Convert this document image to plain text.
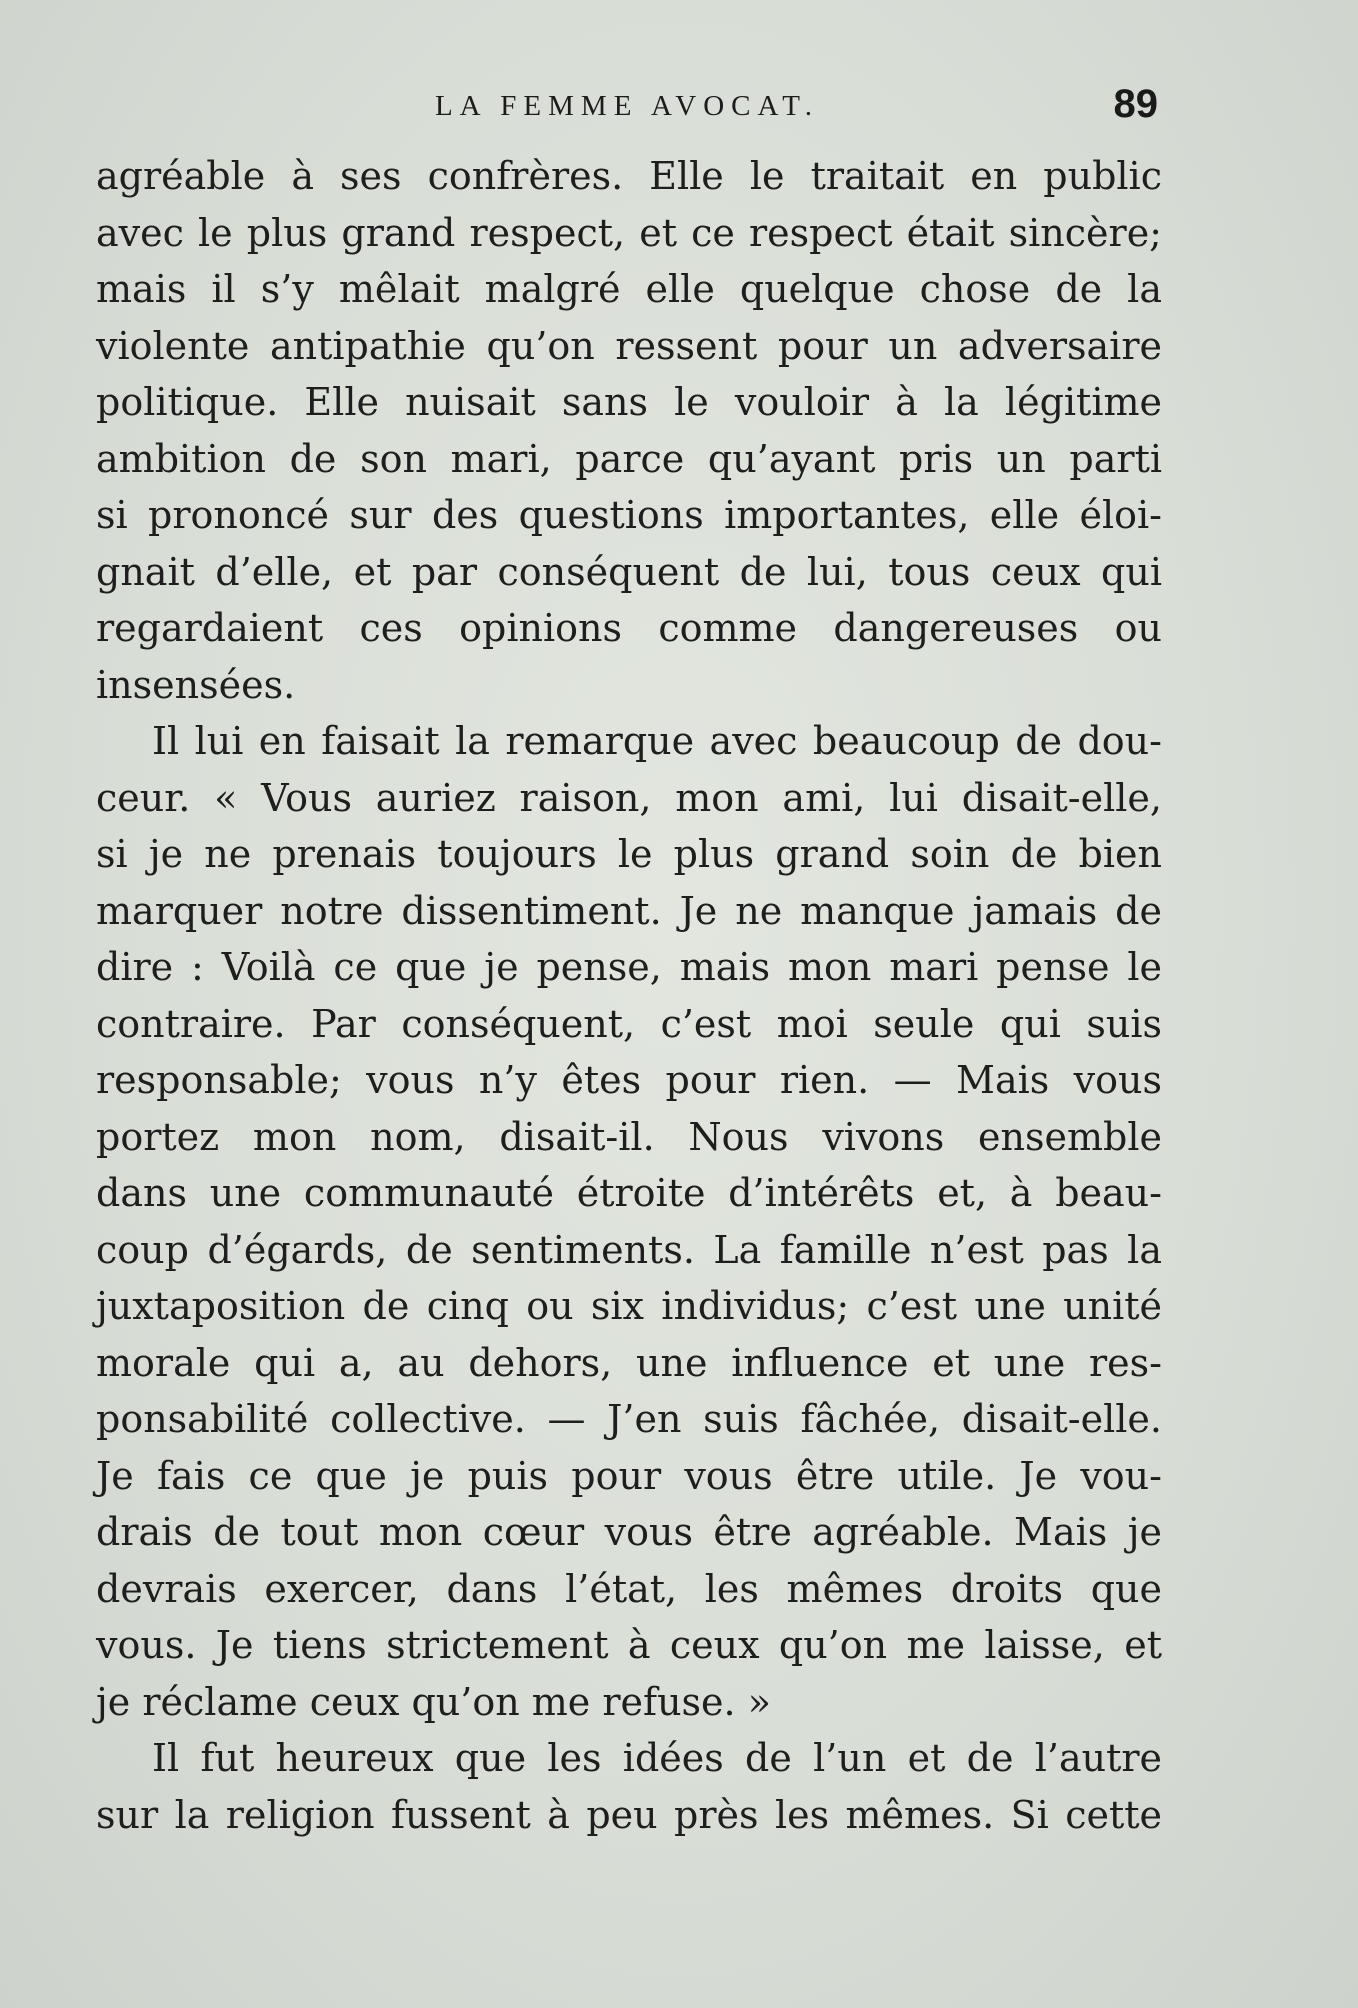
LA FEMME AVOCAT.	89
agréable à ses confrères. Elle le traitait en public
avec le plus grand respect, et ce respect était sincère;
mais il s’y mêlait malgré elle quelque chose de la
violente antipathie qu’on ressent pour un adversaire
politique. Elle nuisait sans le vouloir à la légitime
ambition de son mari, parce qu’ayant pris un parti
si prononcé sur des questions importantes, elle éloi-
gnait d’elle, et par conséquent de lui, tous ceux qui
regardaient ces opinions comme dangereuses ou
insensées.
Il lui en faisait la remarque avec beaucoup de dou-
ceur. « Vous auriez raison, mon ami, lui disait-elle,
si je ne prenais toujours le plus grand soin de bien
marquer notre dissentiment. Je ne manque jamais de
dire : Voilà ce que je pense, mais mon mari pense le
contraire. Par conséquent, c’est moi seule qui suis
responsable; vous n’y êtes pour rien. — Mais vous
portez mon nom, disait-il. Nous vivons ensemble
dans une communauté étroite d’intérêts et, à beau-
coup d’égards, de sentiments. La famille n’est pas la
juxtaposition de cinq ou six individus; c’est une unité
morale qui a, au dehors, une influence et une res-
ponsabilité collective. — J’en suis fâchée, disait-elle.
Je fais ce que je puis pour vous être utile. Je vou-
drais de tout mon cœur vous être agréable. Mais je
devrais exercer, dans l’état, les mêmes droits que
vous. Je tiens strictement à ceux qu’on me laisse, et
je réclame ceux qu’on me refuse. »
Il fut heureux que les idées de l’un et de l’autre
sur la religion fussent à peu près les mêmes. Si cette
